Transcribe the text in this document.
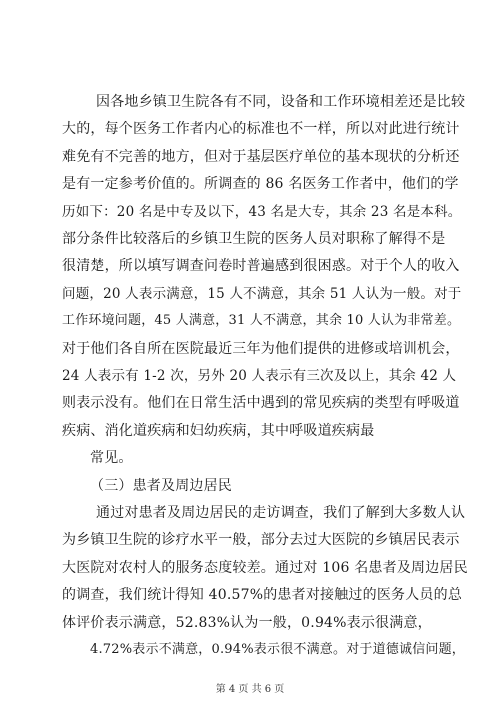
因各地乡镇卫生院各有不同，设备和工作环境相差还是比较
大的，每个医务工作者内心的标准也不一样，所以对此进行统计
难免有不完善的地方，但对于基层医疗单位的基本现状的分析还
是有一定参考价值的。所调查的 86 名医务工作者中，他们的学
历如下：20 名是中专及以下，43 名是大专，其余 23 名是本科。
部分条件比较落后的乡镇卫生院的医务人员对职称了解得不是
很清楚，所以填写调查问卷时普遍感到很困惑。对于个人的收入
问题，20 人表示满意，15 人不满意，其余 51 人认为一般。对于
工作环境问题，45 人满意，31 人不满意，其余 10 人认为非常差。
对于他们各自所在医院最近三年为他们提供的进修或培训机会，
24 人表示有 1-2 次，另外 20 人表示有三次及以上，其余 42 人
则表示没有。他们在日常生活中遇到的常见疾病的类型有呼吸道
疾病、消化道疾病和妇幼疾病，其中呼吸道疾病最
常见。
（三）患者及周边居民
通过对患者及周边居民的走访调查，我们了解到大多数人认
为乡镇卫生院的诊疗水平一般，部分去过大医院的乡镇居民表示
大医院对农村人的服务态度较差。通过对 106 名患者及周边居民
的调查，我们统计得知 40.57%的患者对接触过的医务人员的总
体评价表示满意，52.83%认为一般，0.94%表示很满意，
4.72%表示不满意，0.94%表示很不满意。对于道德诚信问题，
第 4 页 共 6 页
